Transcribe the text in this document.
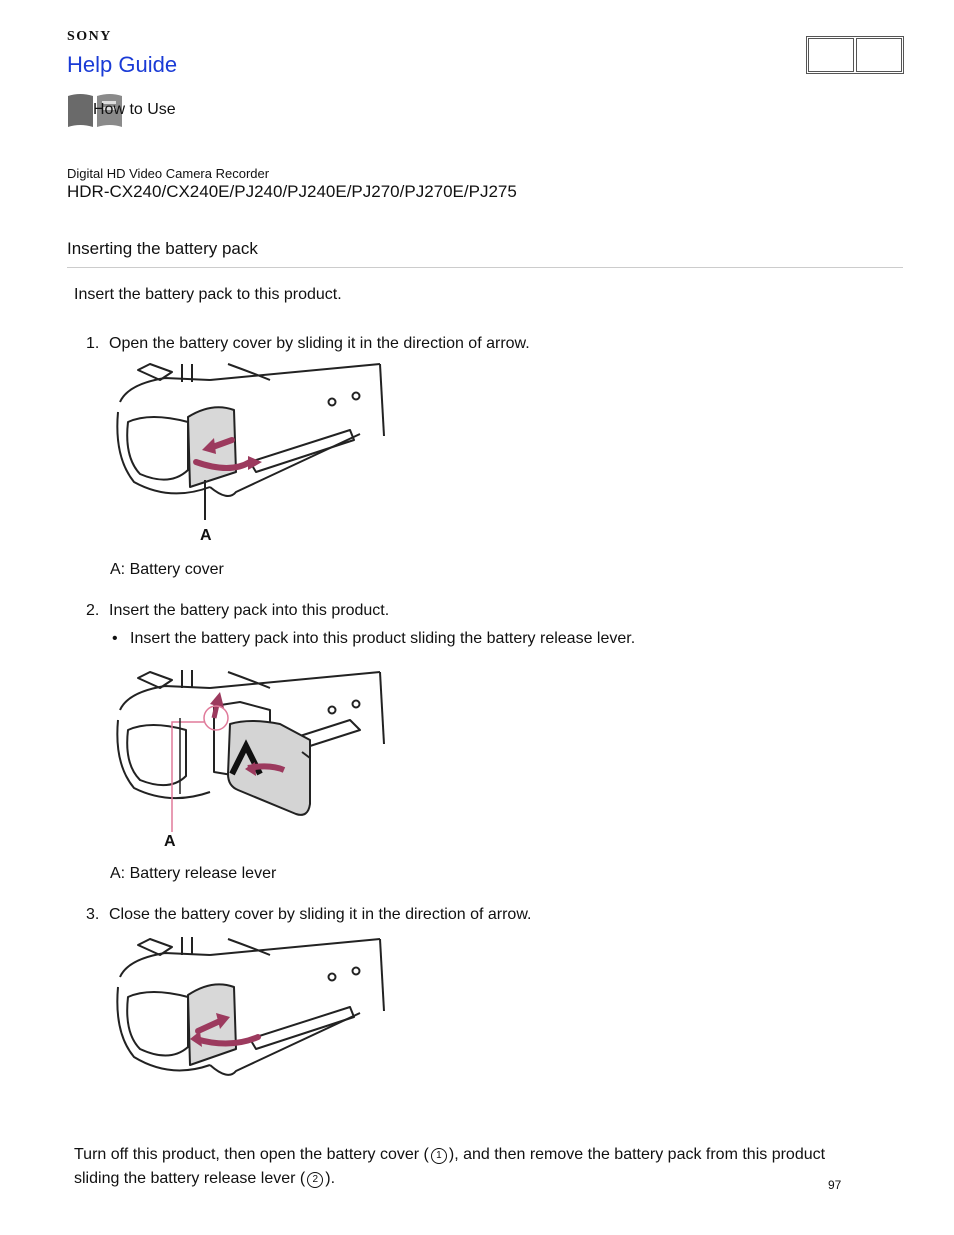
SONY
Help Guide
How to Use
Digital HD Video Camera Recorder
HDR-CX240/CX240E/PJ240/PJ240E/PJ270/PJ270E/PJ275
Inserting the battery pack
Insert the battery pack to this product.
1. Open the battery cover by sliding it in the direction of arrow.
A
A: Battery cover
2. Insert the battery pack into this product.
• Insert the battery pack into this product sliding the battery release lever.
A
A: Battery release lever
3. Close the battery cover by sliding it in the direction of arrow.
Turn off this product, then open the battery cover ( 1 ), and then remove the battery pack from this product sliding the battery release lever ( 2 ).	97
